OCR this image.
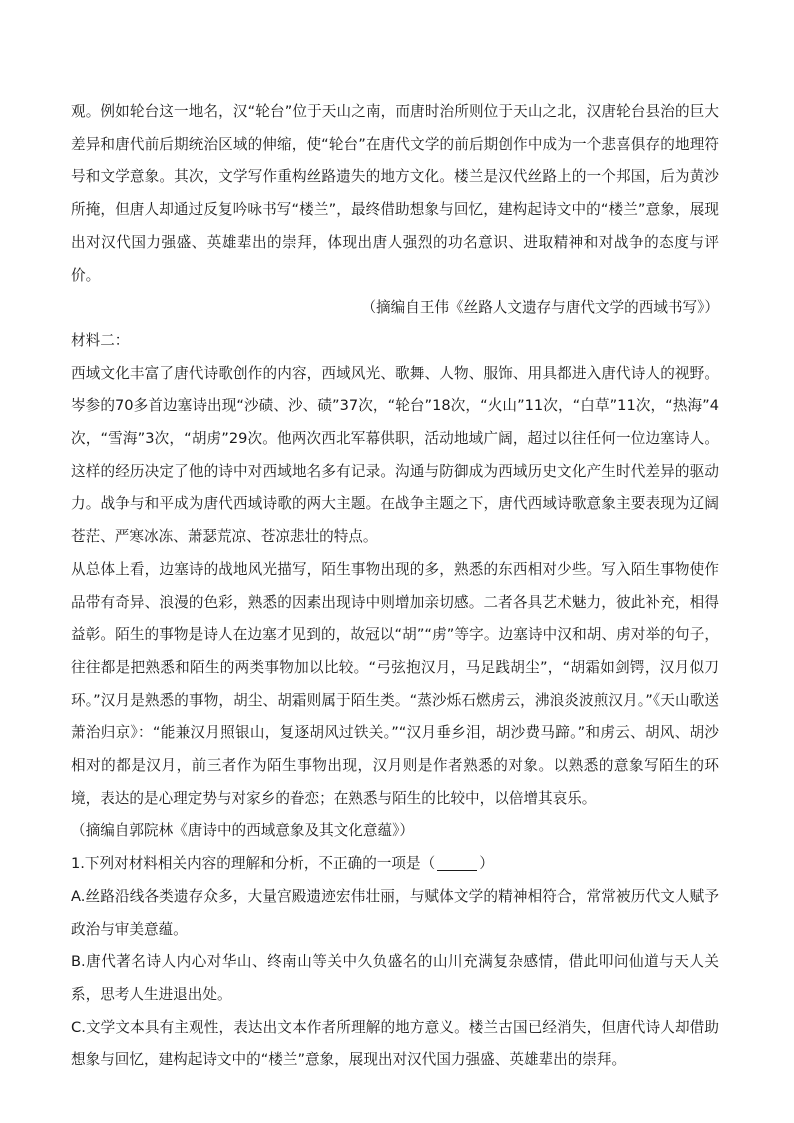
观。例如轮台这一地名，汉“轮台”位于天山之南，而唐时治所则位于天山之北，汉唐轮台县治的巨大差异和唐代前后期统治区域的伸缩，使“轮台”在唐代文学的前后期创作中成为一个悲喜俱存的地理符号和文学意象。其次，文学写作重构丝路遗失的地方文化。楼兰是汉代丝路上的一个邦国，后为黄沙所掩，但唐人却通过反复吟咏书写“楼兰”，最终借助想象与回忆，建构起诗文中的“楼兰”意象，展现出对汉代国力强盛、英雄辈出的崇拜，体现出唐人强烈的功名意识、进取精神和对战争的态度与评价。

（摘编自王伟《丝路人文遗存与唐代文学的西域书写》）

材料二：

西域文化丰富了唐代诗歌创作的内容，西域风光、歌舞、人物、服饰、用具都进入唐代诗人的视野。岑参的70多首边塞诗出现“沙碛、沙、碛”37次，“轮台”18次，“火山”11次，“白草”11次，“热海”4次，“雪海”3次，“胡虏”29次。他两次西北军幕供职，活动地域广阔，超过以往任何一位边塞诗人。这样的经历决定了他的诗中对西域地名多有记录。沟通与防御成为西域历史文化产生时代差异的驱动力。战争与和平成为唐代西域诗歌的两大主题。在战争主题之下，唐代西域诗歌意象主要表现为辽阔苍茫、严寒冰冻、萧瑟荒凉、苍凉悲壮的特点。

从总体上看，边塞诗的战地风光描写，陌生事物出现的多，熟悉的东西相对少些。写入陌生事物使作品带有奇异、浪漫的色彩，熟悉的因素出现诗中则增加亲切感。二者各具艺术魅力，彼此补充，相得益彰。陌生的事物是诗人在边塞才见到的，故冠以“胡”“虏”等字。边塞诗中汉和胡、虏对举的句子，往往都是把熟悉和陌生的两类事物加以比较。“弓弦抱汉月，马足践胡尘”，“胡霜如剑锷，汉月似刀环。”汉月是熟悉的事物，胡尘、胡霜则属于陌生类。“蒸沙烁石燃虏云，沸浪炎波煎汉月。”《天山歌送萧治归京》：“能兼汉月照银山，复逐胡风过铁关。”“汉月垂乡泪，胡沙费马蹄。”和虏云、胡风、胡沙相对的都是汉月，前三者作为陌生事物出现，汉月则是作者熟悉的对象。以熟悉的意象写陌生的环境，表达的是心理定势与对家乡的眷恋；在熟悉与陌生的比较中，以倍增其哀乐。

（摘编自郭院林《唐诗中的西域意象及其文化意蕴》）

1.下列对材料相关内容的理解和分析，不正确的一项是（	）

A.丝路沿线各类遗存众多，大量宫殿遗迹宏伟壮丽，与赋体文学的精神相符合，常常被历代文人赋予政治与审美意蕴。

B.唐代著名诗人内心对华山、终南山等关中久负盛名的山川充满复杂感情，借此叩问仙道与天人关系，思考人生进退出处。

C.文学文本具有主观性，表达出文本作者所理解的地方意义。楼兰古国已经消失，但唐代诗人却借助想象与回忆，建构起诗文中的“楼兰”意象，展现出对汉代国力强盛、英雄辈出的崇拜。
